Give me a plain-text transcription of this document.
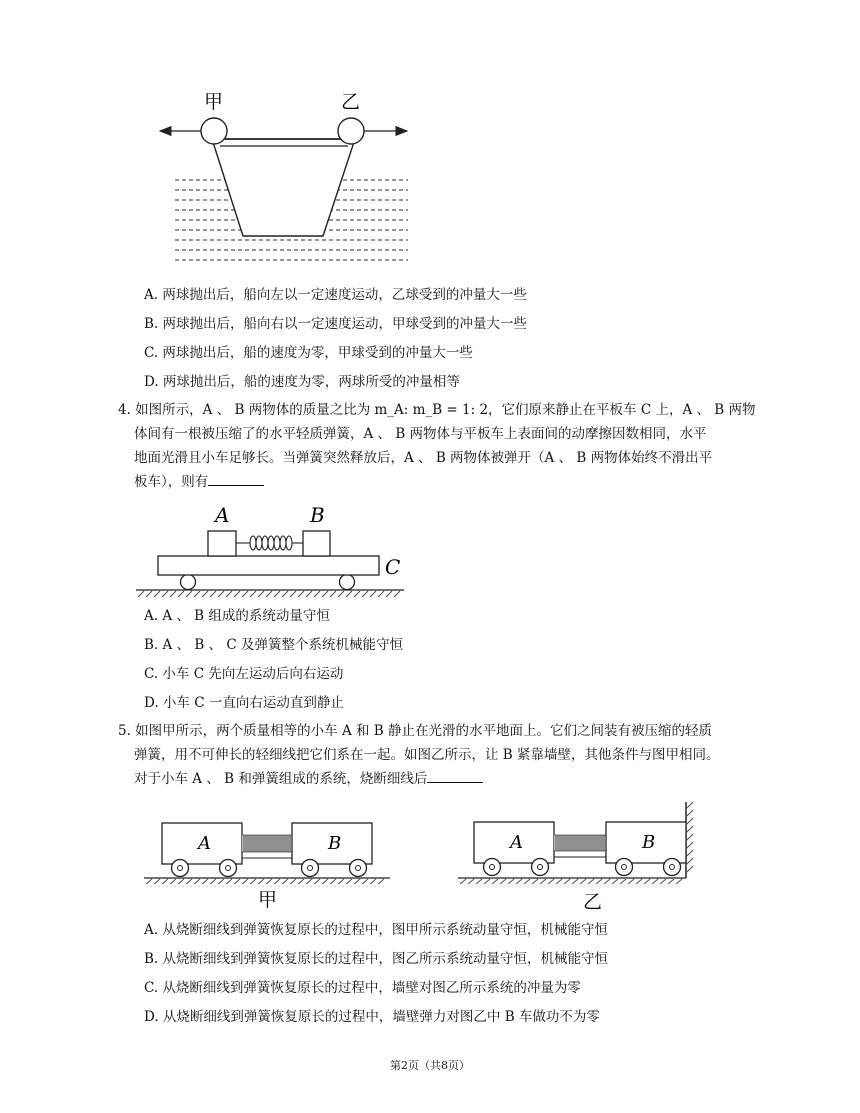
甲	乙
A. 两球抛出后，船向左以一定速度运动，乙球受到的冲量大一些
B. 两球抛出后，船向右以一定速度运动，甲球受到的冲量大一些
C. 两球抛出后，船的速度为零，甲球受到的冲量大一些
D. 两球抛出后，船的速度为零，两球所受的冲量相等
4. 如图所示，A 、 B 两物体的质量之比为 m_A: m_B = 1: 2，它们原来静止在平板车 C 上，A 、 B 两物
体间有一根被压缩了的水平轻质弹簧，A 、 B 两物体与平板车上表面间的动摩擦因数相同，水平
地面光滑且小车足够长。当弹簧突然释放后，A 、 B 两物体被弹开（A 、 B 两物体始终不滑出平
板车），则有
A	B
C
A. A 、 B 组成的系统动量守恒
B. A 、 B 、 C 及弹簧整个系统机械能守恒
C. 小车 C 先向左运动后向右运动
D. 小车 C 一直向右运动直到静止
5. 如图甲所示，两个质量相等的小车 A 和 B 静止在光滑的水平地面上。它们之间装有被压缩的轻质
弹簧，用不可伸长的轻细线把它们系在一起。如图乙所示，让 B 紧靠墙壁，其他条件与图甲相同。
对于小车 A 、 B 和弹簧组成的系统，烧断细线后
A	B
甲
A	B
乙
A. 从烧断细线到弹簧恢复原长的过程中，图甲所示系统动量守恒，机械能守恒
B. 从烧断细线到弹簧恢复原长的过程中，图乙所示系统动量守恒，机械能守恒
C. 从烧断细线到弹簧恢复原长的过程中，墙壁对图乙所示系统的冲量为零
D. 从烧断细线到弹簧恢复原长的过程中，墙壁弹力对图乙中 B 车做功不为零
第2页（共8页）
